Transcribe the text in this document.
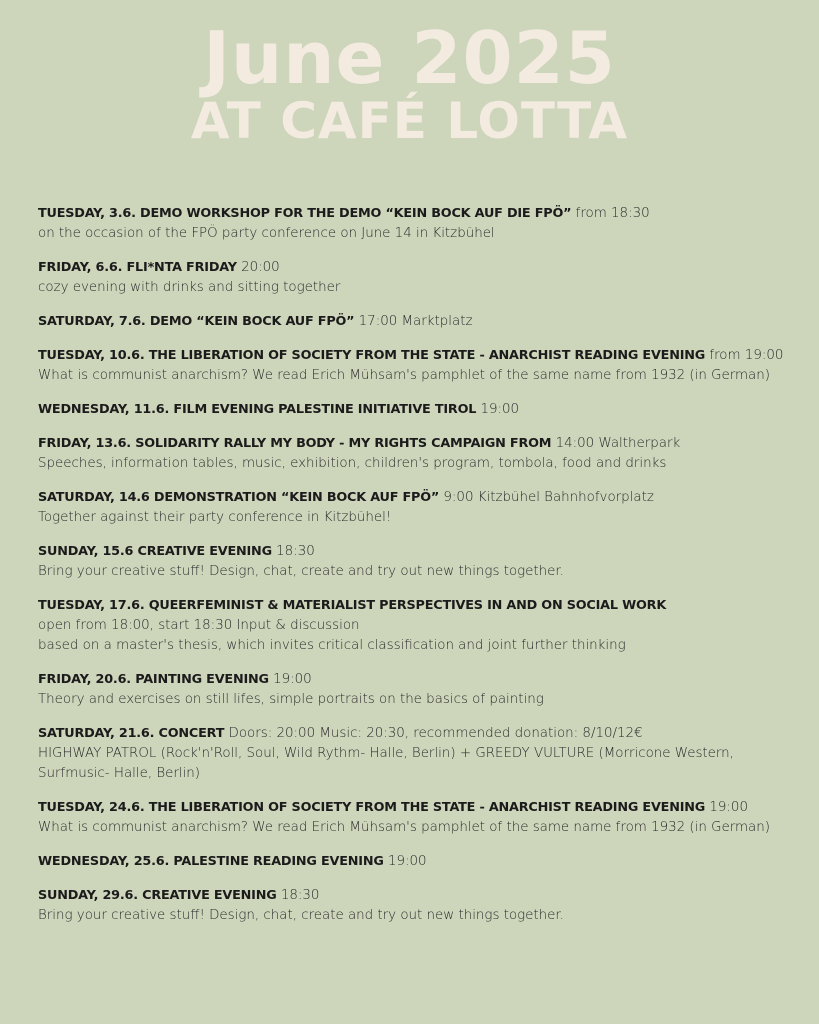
June 2025
AT CAFÉ LOTTA
TUESDAY, 3.6. DEMO WORKSHOP FOR THE DEMO “KEIN BOCK AUF DIE FPÖ” from 18:30
on the occasion of the FPÖ party conference on June 14 in Kitzbühel
FRIDAY, 6.6. FLI*NTA FRIDAY 20:00
cozy evening with drinks and sitting together
SATURDAY, 7.6. DEMO “KEIN BOCK AUF FPÖ” 17:00 Marktplatz
TUESDAY, 10.6. THE LIBERATION OF SOCIETY FROM THE STATE - ANARCHIST READING EVENING from 19:00
What is communist anarchism? We read Erich Mühsam's pamphlet of the same name from 1932 (in German)
WEDNESDAY, 11.6. FILM EVENING PALESTINE INITIATIVE TIROL 19:00
FRIDAY, 13.6. SOLIDARITY RALLY MY BODY - MY RIGHTS CAMPAIGN FROM 14:00 Waltherpark
Speeches, information tables, music, exhibition, children's program, tombola, food and drinks
SATURDAY, 14.6 DEMONSTRATION “KEIN BOCK AUF FPÖ” 9:00 Kitzbühel Bahnhofvorplatz
Together against their party conference in Kitzbühel!
SUNDAY, 15.6 CREATIVE EVENING 18:30
Bring your creative stuff! Design, chat, create and try out new things together.
TUESDAY, 17.6. QUEERFEMINIST & MATERIALIST PERSPECTIVES IN AND ON SOCIAL WORK
open from 18:00, start 18:30 Input & discussion
based on a master's thesis, which invites critical classification and joint further thinking
FRIDAY, 20.6. PAINTING EVENING 19:00
Theory and exercises on still lifes, simple portraits on the basics of painting
SATURDAY, 21.6. CONCERT Doors: 20:00 Music: 20:30, recommended donation: 8/10/12€
HIGHWAY PATROL (Rock'n'Roll, Soul, Wild Rythm- Halle, Berlin) + GREEDY VULTURE (Morricone Western,
Surfmusic- Halle, Berlin)
TUESDAY, 24.6. THE LIBERATION OF SOCIETY FROM THE STATE - ANARCHIST READING EVENING 19:00
What is communist anarchism? We read Erich Mühsam's pamphlet of the same name from 1932 (in German)
WEDNESDAY, 25.6. PALESTINE READING EVENING 19:00
SUNDAY, 29.6. CREATIVE EVENING 18:30
Bring your creative stuff! Design, chat, create and try out new things together.
